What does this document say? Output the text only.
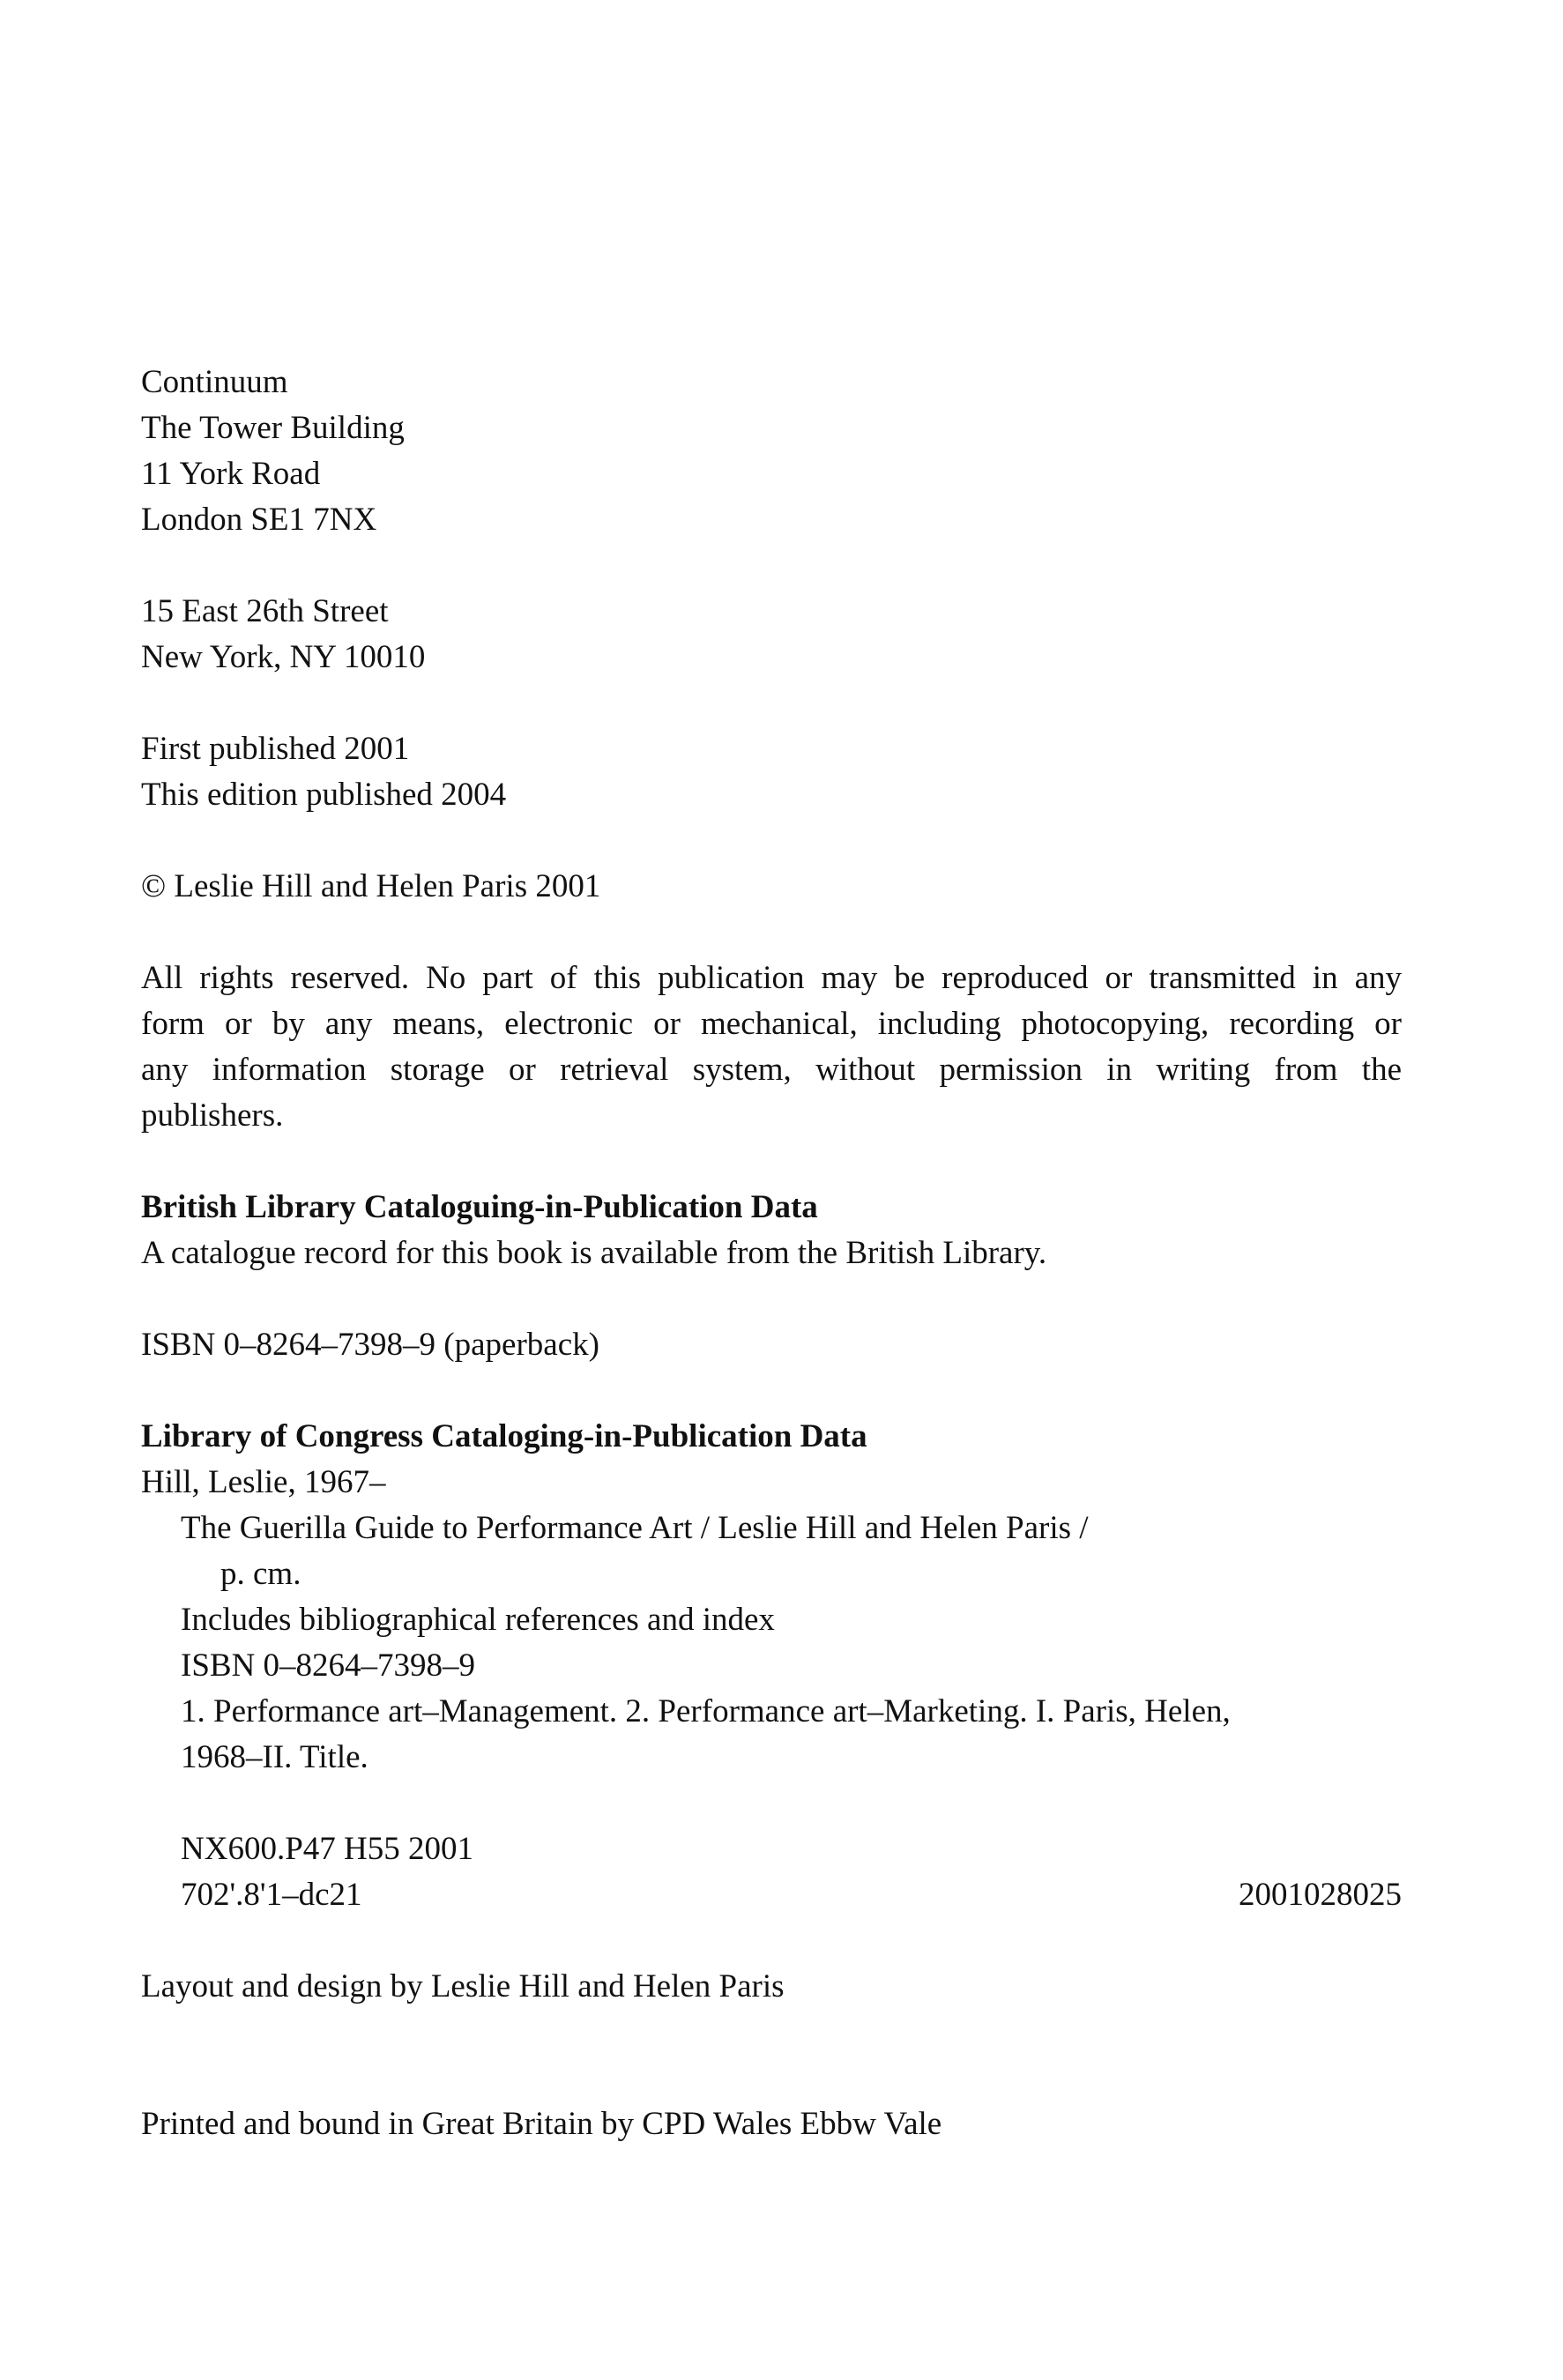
Continuum
The Tower Building
11 York Road
London SE1 7NX
15 East 26th Street
New York, NY 10010
First published 2001
This edition published 2004
© Leslie Hill and Helen Paris 2001
All rights reserved. No part of this publication may be reproduced or transmitted in any
form or by any means, electronic or mechanical, including photocopying, recording or
any information storage or retrieval system, without permission in writing from the
publishers.
British Library Cataloguing-in-Publication Data
A catalogue record for this book is available from the British Library.
ISBN 0–8264–7398–9 (paperback)
Library of Congress Cataloging-in-Publication Data
Hill, Leslie, 1967–
The Guerilla Guide to Performance Art / Leslie Hill and Helen Paris /
p. cm.
Includes bibliographical references and index
ISBN 0–8264–7398–9
1. Performance art–Management. 2. Performance art–Marketing. I. Paris, Helen,
1968–II. Title.
NX600.P47 H55 2001
702'.8'1–dc21	2001028025
Layout and design by Leslie Hill and Helen Paris
Printed and bound in Great Britain by CPD Wales Ebbw Vale
